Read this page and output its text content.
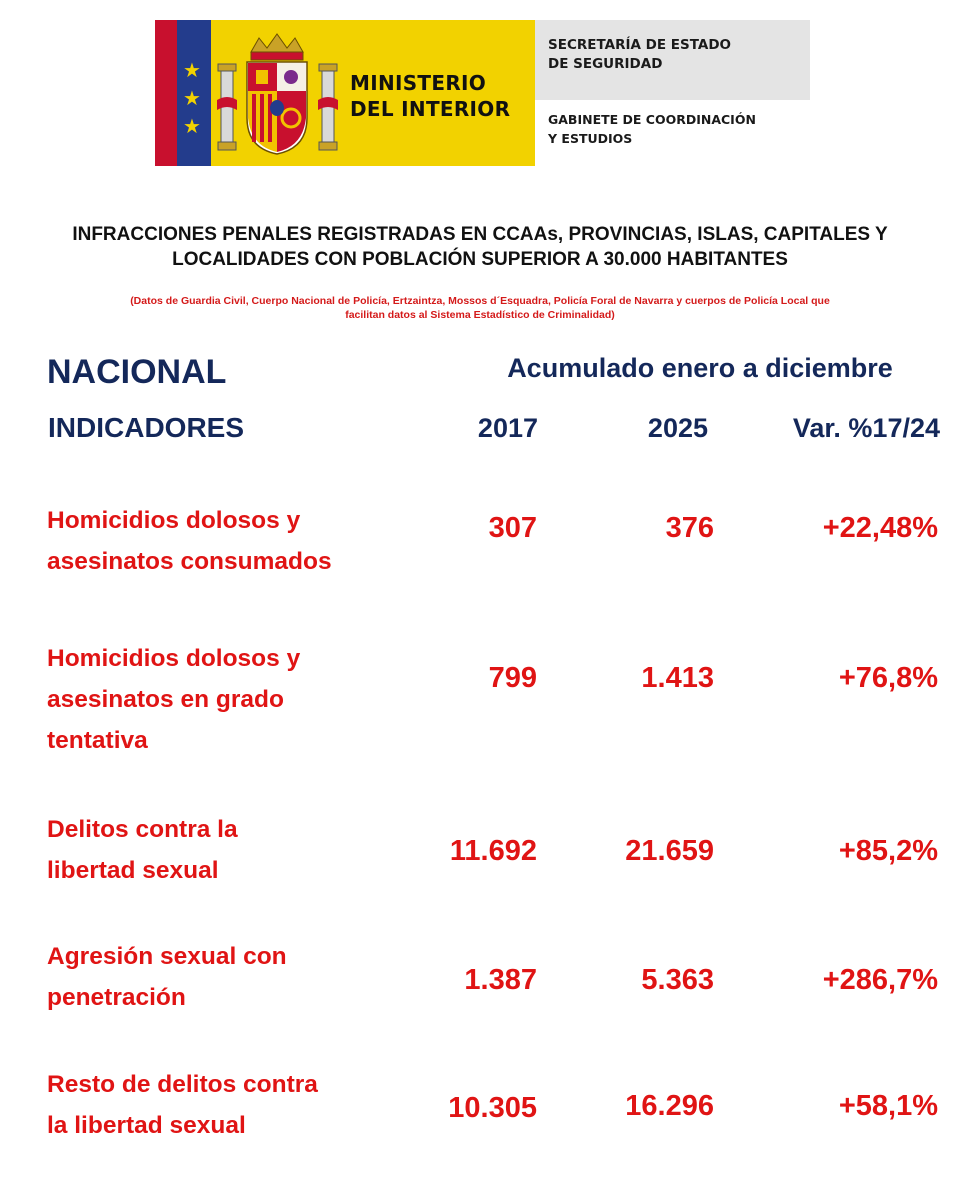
★
★
★
MINISTERIO
DEL INTERIOR
SECRETARÍA DE ESTADO
DE SEGURIDAD
GABINETE DE COORDINACIÓN
Y ESTUDIOS
INFRACCIONES PENALES REGISTRADAS EN CCAAs, PROVINCIAS, ISLAS, CAPITALES Y
LOCALIDADES CON POBLACIÓN SUPERIOR A 30.000 HABITANTES
(Datos de Guardia Civil, Cuerpo Nacional de Policía, Ertzaintza, Mossos d´Esquadra, Policía Foral de Navarra y cuerpos de Policía Local que
facilitan datos al Sistema Estadístico de Criminalidad)
NACIONAL	Acumulado enero a diciembre
INDICADORES	2017	2025	Var. %17/24
Homicidios dolosos y
asesinatos consumados
307	376	+22,48%
Homicidios dolosos y
asesinatos en grado
tentativa
799	1.413	+76,8%
Delitos contra la
libertad sexual
11.692	21.659	+85,2%
Agresión sexual con
penetración
1.387	5.363	+286,7%
Resto de delitos contra
la libertad sexual
10.305	16.296	+58,1%
